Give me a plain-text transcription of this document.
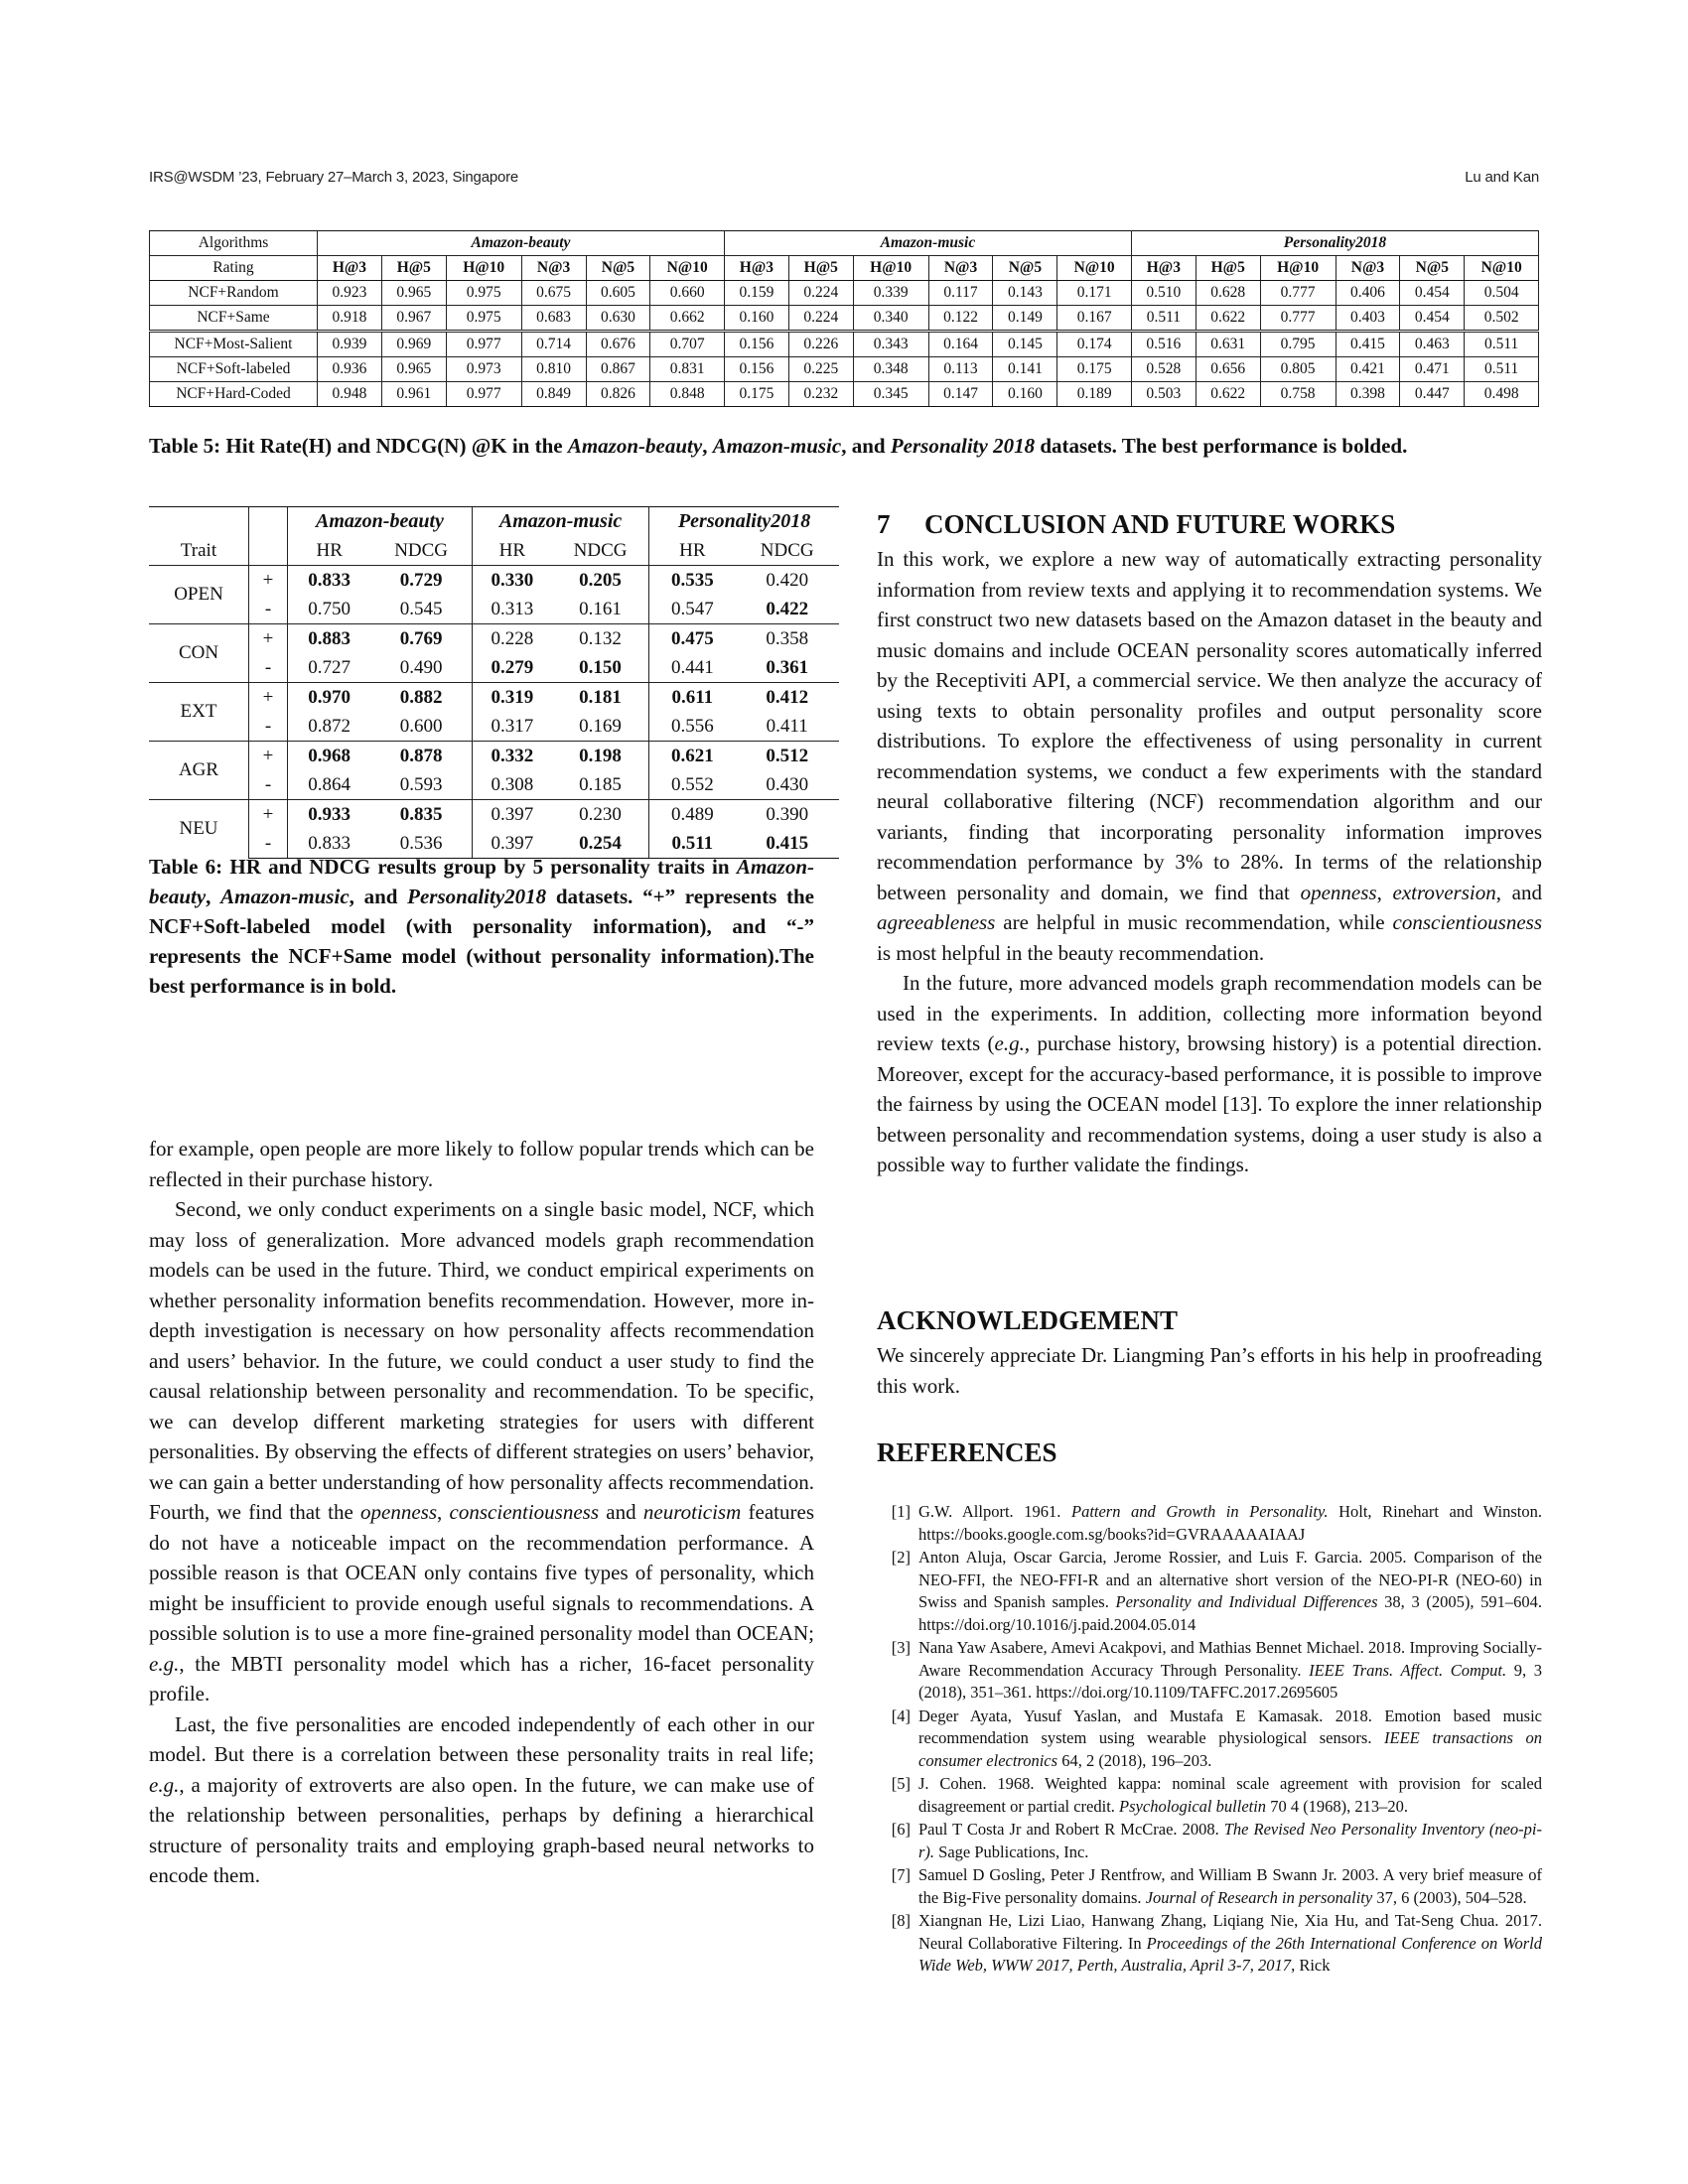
IRS@WSDM ’23, February 27–March 3, 2023, Singapore	Lu and Kan
Algorithms	Amazon-beauty						Amazon-music						Personality2018					
Rating	H@3	H@5	H@10	N@3	N@5	N@10	H@3	H@5	H@10	N@3	N@5	N@10	H@3	H@5	H@10	N@3	N@5	N@10
NCF+Random	0.923	0.965	0.975	0.675	0.605	0.660	0.159	0.224	0.339	0.117	0.143	0.171	0.510	0.628	0.777	0.406	0.454	0.504
NCF+Same	0.918	0.967	0.975	0.683	0.630	0.662	0.160	0.224	0.340	0.122	0.149	0.167	0.511	0.622	0.777	0.403	0.454	0.502
NCF+Most-Salient	0.939	0.969	0.977	0.714	0.676	0.707	0.156	0.226	0.343	0.164	0.145	0.174	0.516	0.631	0.795	0.415	0.463	0.511
NCF+Soft-labeled	0.936	0.965	0.973	0.810	0.867	0.831	0.156	0.225	0.348	0.113	0.141	0.175	0.528	0.656	0.805	0.421	0.471	0.511
NCF+Hard-Coded	0.948	0.961	0.977	0.849	0.826	0.848	0.175	0.232	0.345	0.147	0.160	0.189	0.503	0.622	0.758	0.398	0.447	0.498
Table 5: Hit Rate(H) and NDCG(N) @K in the Amazon-beauty, Amazon-music, and Personality 2018 datasets. The best performance is bolded.
		Amazon-beauty		Amazon-music		Personality2018	
Trait		HR	NDCG	HR	NDCG	HR	NDCG
OPEN	+	0.833	0.729	0.330	0.205	0.535	0.420
	-	0.750	0.545	0.313	0.161	0.547	0.422
CON	+	0.883	0.769	0.228	0.132	0.475	0.358
	-	0.727	0.490	0.279	0.150	0.441	0.361
EXT	+	0.970	0.882	0.319	0.181	0.611	0.412
	-	0.872	0.600	0.317	0.169	0.556	0.411
AGR	+	0.968	0.878	0.332	0.198	0.621	0.512
	-	0.864	0.593	0.308	0.185	0.552	0.430
NEU	+	0.933	0.835	0.397	0.230	0.489	0.390
	-	0.833	0.536	0.397	0.254	0.511	0.415
Table 6: HR and NDCG results group by 5 personality traits in Amazon-beauty, Amazon-music, and Personality2018 datasets. “+” represents the NCF+Soft-labeled model (with personality information), and “-” represents the NCF+Same model (without personality information).The best performance is in bold.

for example, open people are more likely to follow popular trends which can be reflected in their purchase history.

Second, we only conduct experiments on a single basic model, NCF, which may loss of generalization. More advanced models graph recommendation models can be used in the future. Third, we conduct empirical experiments on whether personality information benefits recommendation. However, more in-depth investigation is necessary on how personality affects recommendation and users’ behavior. In the future, we could conduct a user study to find the causal relationship between personality and recommendation. To be specific, we can develop different marketing strategies for users with different personalities. By observing the effects of different strategies on users’ behavior, we can gain a better understanding of how personality affects recommendation. Fourth, we find that the openness, conscientiousness and neuroticism features do not have a noticeable impact on the recommendation performance. A possible reason is that OCEAN only contains five types of personality, which might be insufficient to provide enough useful signals to recommendations. A possible solution is to use a more fine-grained personality model than OCEAN; e.g., the MBTI personality model which has a richer, 16-facet personality profile.

Last, the five personalities are encoded independently of each other in our model. But there is a correlation between these personality traits in real life; e.g., a majority of extroverts are also open. In the future, we can make use of the relationship between personalities, perhaps by defining a hierarchical structure of personality traits and employing graph-based neural networks to encode them.

7 CONCLUSION AND FUTURE WORKS

In this work, we explore a new way of automatically extracting personality information from review texts and applying it to recommendation systems. We first construct two new datasets based on the Amazon dataset in the beauty and music domains and include OCEAN personality scores automatically inferred by the Receptiviti API, a commercial service. We then analyze the accuracy of using texts to obtain personality profiles and output personality score distributions. To explore the effectiveness of using personality in current recommendation systems, we conduct a few experiments with the standard neural collaborative filtering (NCF) recommendation algorithm and our variants, finding that incorporating personality information improves recommendation performance by 3% to 28%. In terms of the relationship between personality and domain, we find that openness, extroversion, and agreeableness are helpful in music recommendation, while conscientiousness is most helpful in the beauty recommendation.

In the future, more advanced models graph recommendation models can be used in the experiments. In addition, collecting more information beyond review texts (e.g., purchase history, browsing history) is a potential direction. Moreover, except for the accuracy-based performance, it is possible to improve the fairness by using the OCEAN model [13]. To explore the inner relationship between personality and recommendation systems, doing a user study is also a possible way to further validate the findings.

ACKNOWLEDGEMENT

We sincerely appreciate Dr. Liangming Pan’s efforts in his help in proofreading this work.

REFERENCES
[1] G.W. Allport. 1961. Pattern and Growth in Personality. Holt, Rinehart and Winston. https://books.google.com.sg/books?id=GVRAAAAAIAAJ
[2] Anton Aluja, Oscar Garcia, Jerome Rossier, and Luis F. Garcia. 2005. Comparison of the NEO-FFI, the NEO-FFI-R and an alternative short version of the NEO-PI-R (NEO-60) in Swiss and Spanish samples. Personality and Individual Differences 38, 3 (2005), 591–604. https://doi.org/10.1016/j.paid.2004.05.014
[3] Nana Yaw Asabere, Amevi Acakpovi, and Mathias Bennet Michael. 2018. Improving Socially-Aware Recommendation Accuracy Through Personality. IEEE Trans. Affect. Comput. 9, 3 (2018), 351–361. https://doi.org/10.1109/TAFFC.2017.2695605
[4] Deger Ayata, Yusuf Yaslan, and Mustafa E Kamasak. 2018. Emotion based music recommendation system using wearable physiological sensors. IEEE transactions on consumer electronics 64, 2 (2018), 196–203.
[5] J. Cohen. 1968. Weighted kappa: nominal scale agreement with provision for scaled disagreement or partial credit. Psychological bulletin 70 4 (1968), 213–20.
[6] Paul T Costa Jr and Robert R McCrae. 2008. The Revised Neo Personality Inventory (neo-pi-r). Sage Publications, Inc.
[7] Samuel D Gosling, Peter J Rentfrow, and William B Swann Jr. 2003. A very brief measure of the Big-Five personality domains. Journal of Research in personality 37, 6 (2003), 504–528.
[8] Xiangnan He, Lizi Liao, Hanwang Zhang, Liqiang Nie, Xia Hu, and Tat-Seng Chua. 2017. Neural Collaborative Filtering. In Proceedings of the 26th International Conference on World Wide Web, WWW 2017, Perth, Australia, April 3-7, 2017, Rick
